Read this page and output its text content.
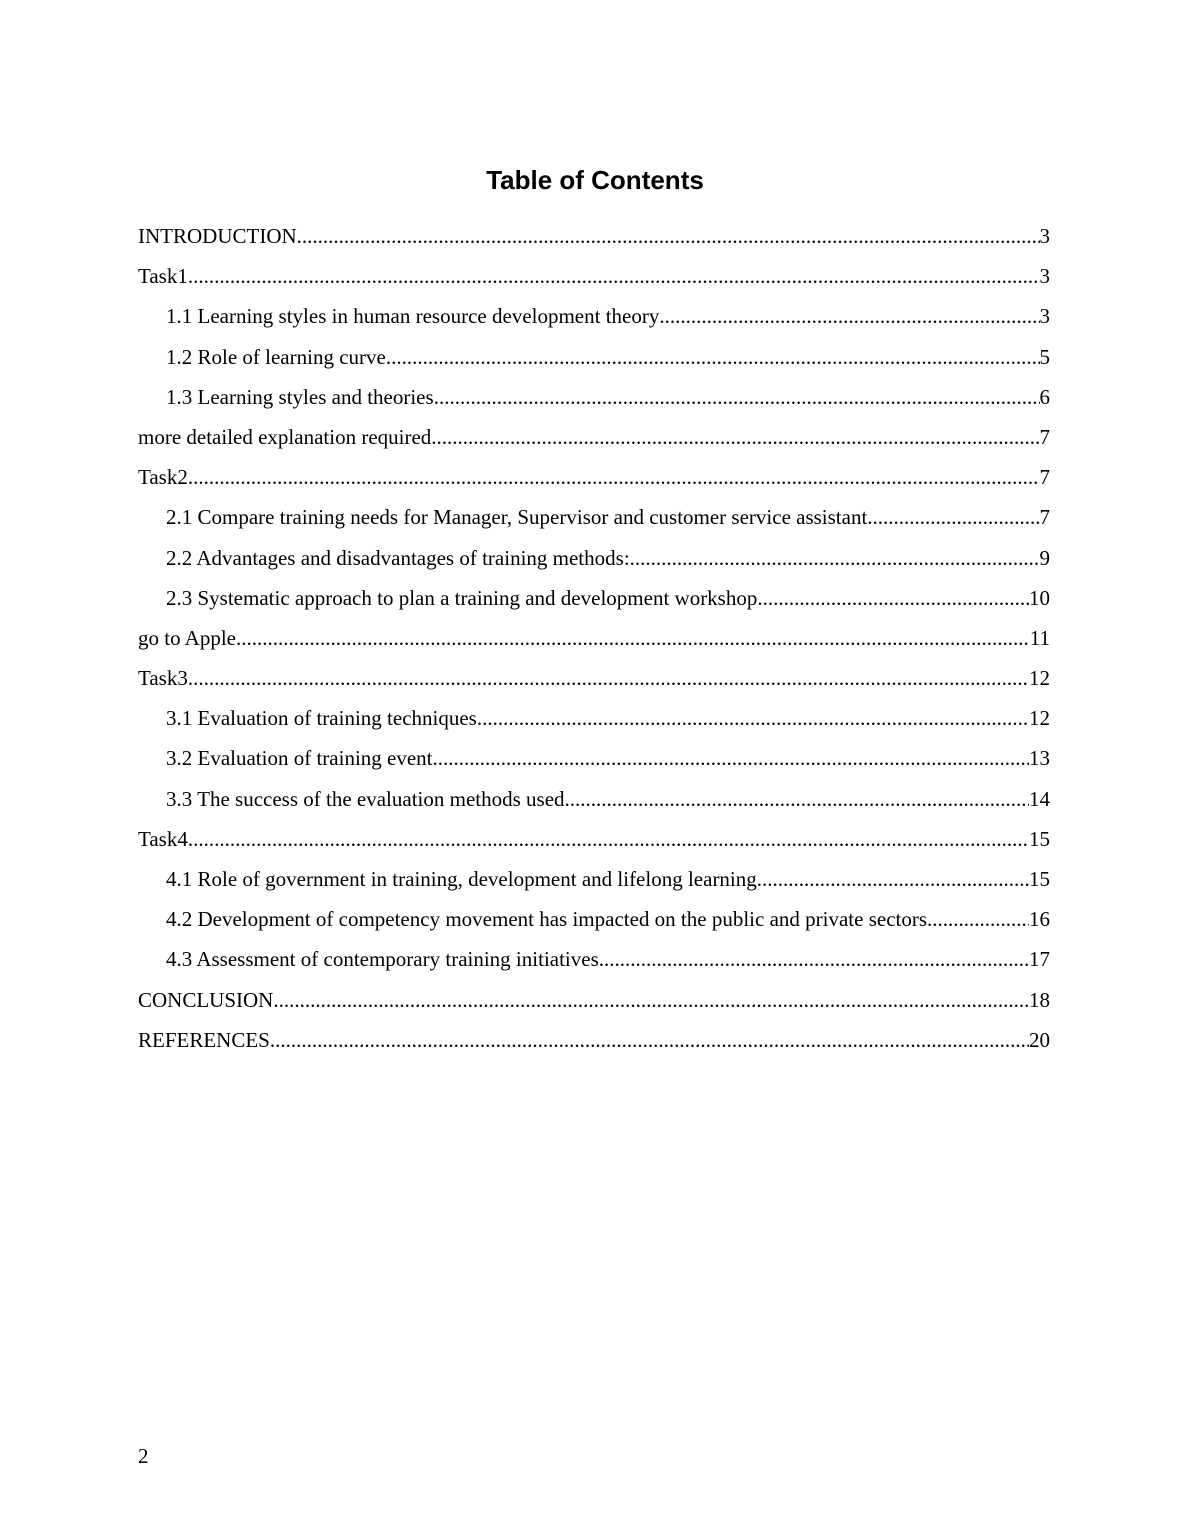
Table of Contents
INTRODUCTION .....	3
Task1 .....	3
1.1 Learning styles in human resource development theory .....	3
1.2 Role of learning curve .....	5
1.3 Learning styles and theories .....	6
more detailed explanation required .....	7
Task2 .....	7
2.1 Compare training needs for Manager, Supervisor and customer service assistant .....	7
2.2 Advantages and disadvantages of training methods: .....	9
2.3 Systematic approach to plan a training and development workshop .....	10
go to Apple .....	11
Task3 .....	12
3.1 Evaluation of training techniques .....	12
3.2 Evaluation of training event .....	13
3.3 The success of the evaluation methods used .....	14
Task4 .....	15
4.1 Role of government in training, development and lifelong learning .....	15
4.2 Development of competency movement has impacted on the public and private sectors. .....	16
4.3 Assessment of contemporary training initiatives .....	17
CONCLUSION .....	18
REFERENCES .....	20
2
